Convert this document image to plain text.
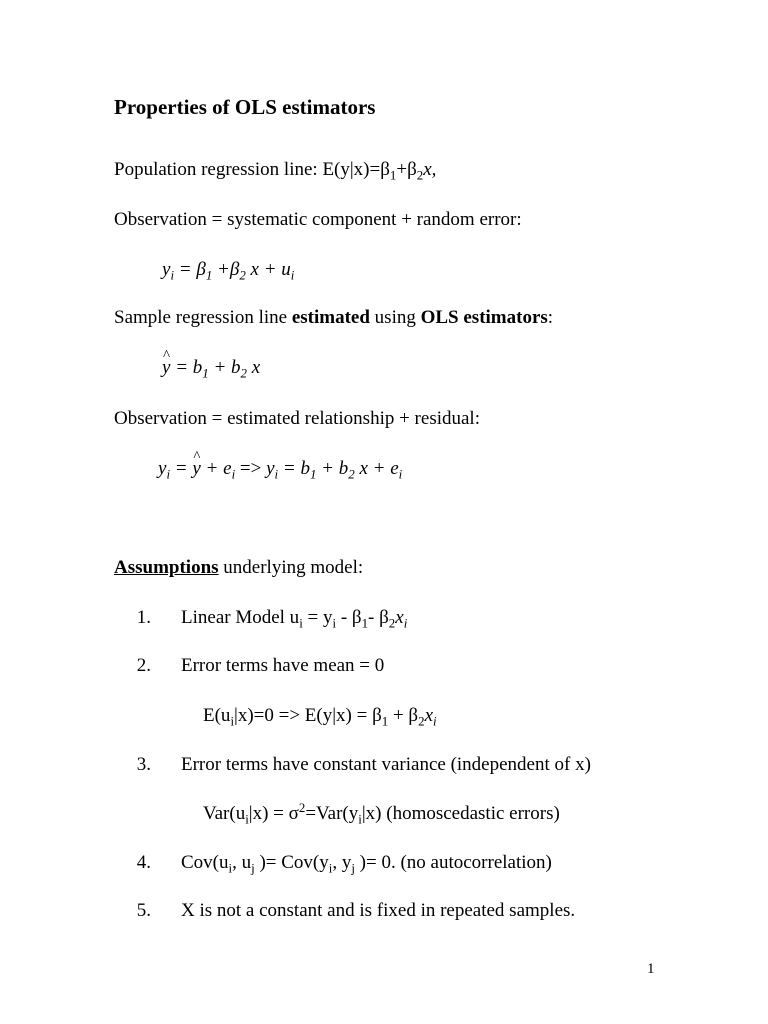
Properties of OLS estimators
Population regression line: $E(y|x)=\beta_1+\beta_2x$,
Observation = systematic component + random error:
$y_i = \beta_1 +\beta_2$ $x + u_i$
Sample regression line estimated using OLS estimators:
^ $y = b_1 + b_2$ x
Observation = estimated relationship + residual:
$y_i$ = ^ $y + e_i => y_i = b_1 + b_2$ $x + e_i$
Assumptions underlying model:
1. Linear Model $u_i = y_i - \beta_1-$ $\beta_2x_i$
2. Error terms have mean = 0
$E(u_i|x)=0 => E(y|x) = \beta_1 + \beta_2x_i$
3. Error terms have constant variance (independent of x)
$Var(u_i|x) = \sigma^2=Var(y_i|x)$ (homoscedastic errors)
4. $Cov(u_i$, $u_j$ )= $Cov(y_i$, $y_j$ )= 0. (no autocorrelation)
5. X is not a constant and is fixed in repeated samples.
1
